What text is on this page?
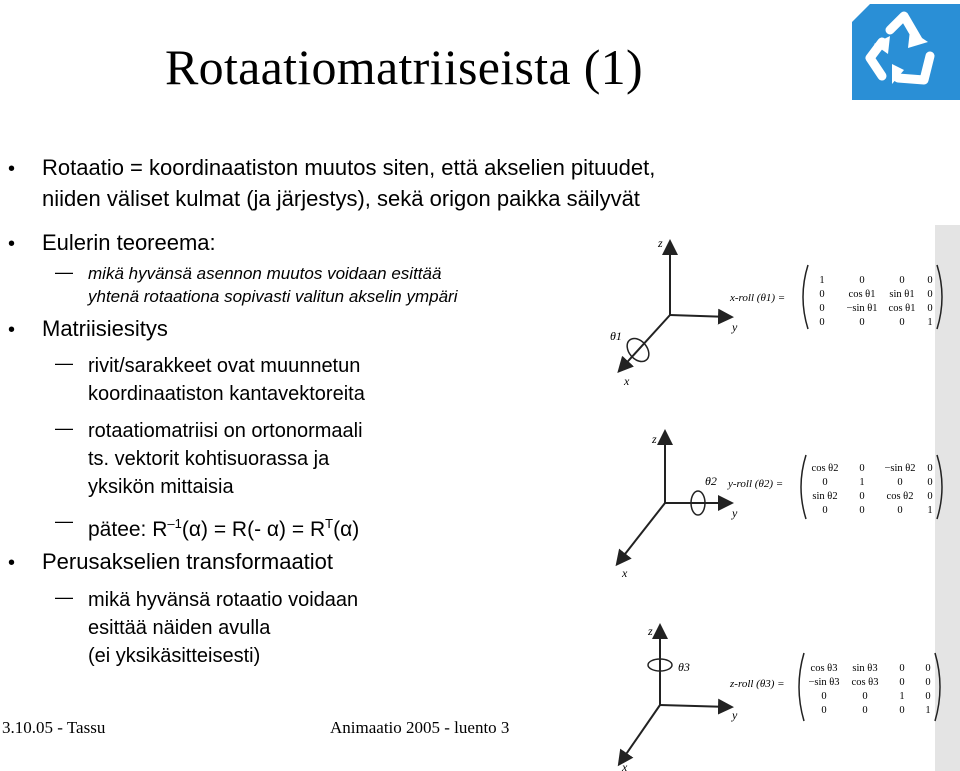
Rotaatiomatriiseista (1)
• Rotaatio = koordinaatiston muutos siten, että akselien pituudet,
niiden väliset kulmat (ja järjestys), sekä origon paikka säilyvät
• Eulerin teoreema:
— mikä hyvänsä asennon muutos voidaan esittää
yhtenä rotaationa sopivasti valitun akselin ympäri
• Matriisiesitys
— rivit/sarakkeet ovat muunnetun
koordinaatiston kantavektoreita
— rotaatiomatriisi on ortonormaali
ts. vektorit kohtisuorassa ja
yksikön mittaisia
— pätee: $R^{-1}(\alpha) = R(-$ $\alpha) = R^T(\alpha)$
• Perusakselien transformaatiot
— mikä hyvänsä rotaatio voidaan
esittää näiden avulla
(ei yksikäsitteisesti)
3.10.05 - Tassu	Animaatio 2005 - luento 3
z
y
x
θ1
x-roll (θ1) =
1	0	0 0
0 cos θ1 sin θ1 0
0 −sin θ1 cos θ1 0
0	0	0 1
z
y
x
θ2 y-roll (θ2) =
cos θ2 0 −sin θ2 0
0	1	0 0
sin θ2 0 cos θ2 0
0	0	0 1
z
y
x
θ3
z-roll (θ3) =
cos θ3 sin θ3 0 0
−sin θ3 cos θ3 0 0
0	0	1 0
0	0	0 1
